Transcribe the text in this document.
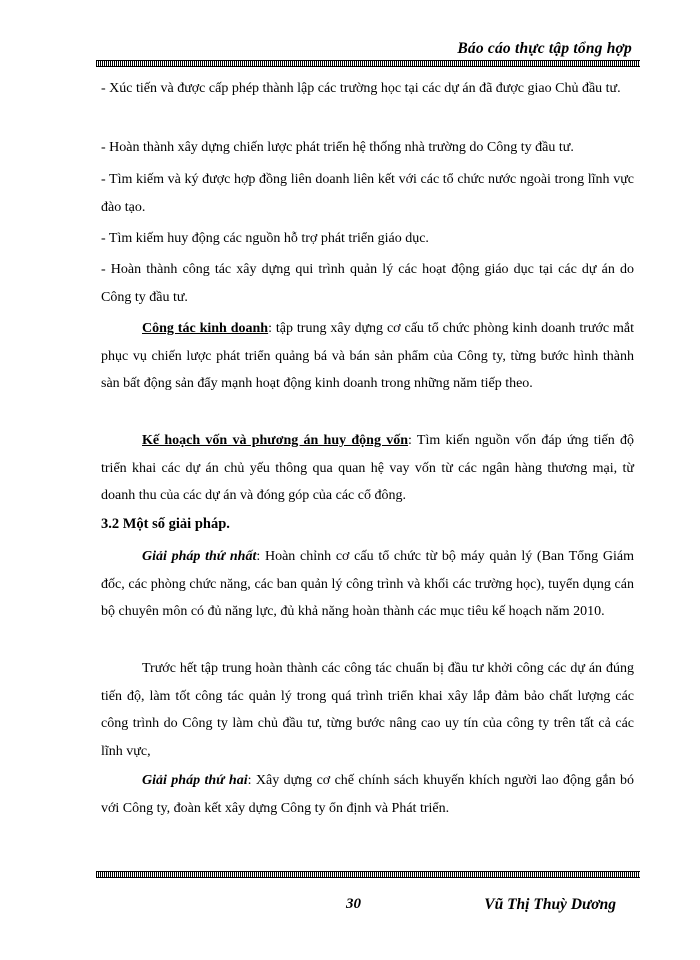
Báo cáo thực tập tổng hợp

- Xúc tiến và được cấp phép thành lập các trường học tại các dự án đã được giao Chủ đầu tư.

- Hoàn thành xây dựng chiến lược phát triển hệ thống nhà trường do Công ty đầu tư.

- Tìm kiếm và ký được hợp đồng liên doanh liên kết với các tổ chức nước ngoài trong lĩnh vực đào tạo.

- Tìm kiếm huy động các nguồn hỗ trợ phát triển giáo dục.

- Hoàn thành công tác xây dựng qui trình quản lý các hoạt động giáo dục tại các dự án do Công ty đầu tư.

Công tác kinh doanh: tập trung xây dựng cơ cấu tổ chức phòng kinh doanh trước mắt phục vụ chiến lược phát triển quảng bá và bán sản phẩm của Công ty, từng bước hình thành sàn bất động sản đẩy mạnh hoạt động kinh doanh trong những năm tiếp theo.

Kế hoạch vốn và phương án huy động vốn: Tìm kiến nguồn vốn đáp ứng tiến độ triển khai các dự án chủ yếu thông qua quan hệ vay vốn từ các ngân hàng thương mại, từ doanh thu của các dự án và đóng góp của các cổ đông.

3.2 Một số giải pháp.

Giải pháp thứ nhất: Hoàn chỉnh cơ cấu tổ chức từ bộ máy quản lý (Ban Tổng Giám đốc, các phòng chức năng, các ban quản lý công trình và khối các trường học), tuyển dụng cán bộ chuyên môn có đủ năng lực, đủ khả năng hoàn thành các mục tiêu kế hoạch năm 2010.

Trước hết tập trung hoàn thành các công tác chuẩn bị đầu tư khởi công các dự án đúng tiến độ, làm tốt công tác quản lý trong quá trình triển khai xây lắp đảm bảo chất lượng các công trình do Công ty làm chủ đầu tư, từng bước nâng cao uy tín của công ty trên tất cả các lĩnh vực,

Giải pháp thứ hai: Xây dựng cơ chế chính sách khuyến khích người lao động gắn bó với Công ty, đoàn kết xây dựng Công ty ổn định và Phát triển.

30	Vũ Thị Thuỳ Dương
